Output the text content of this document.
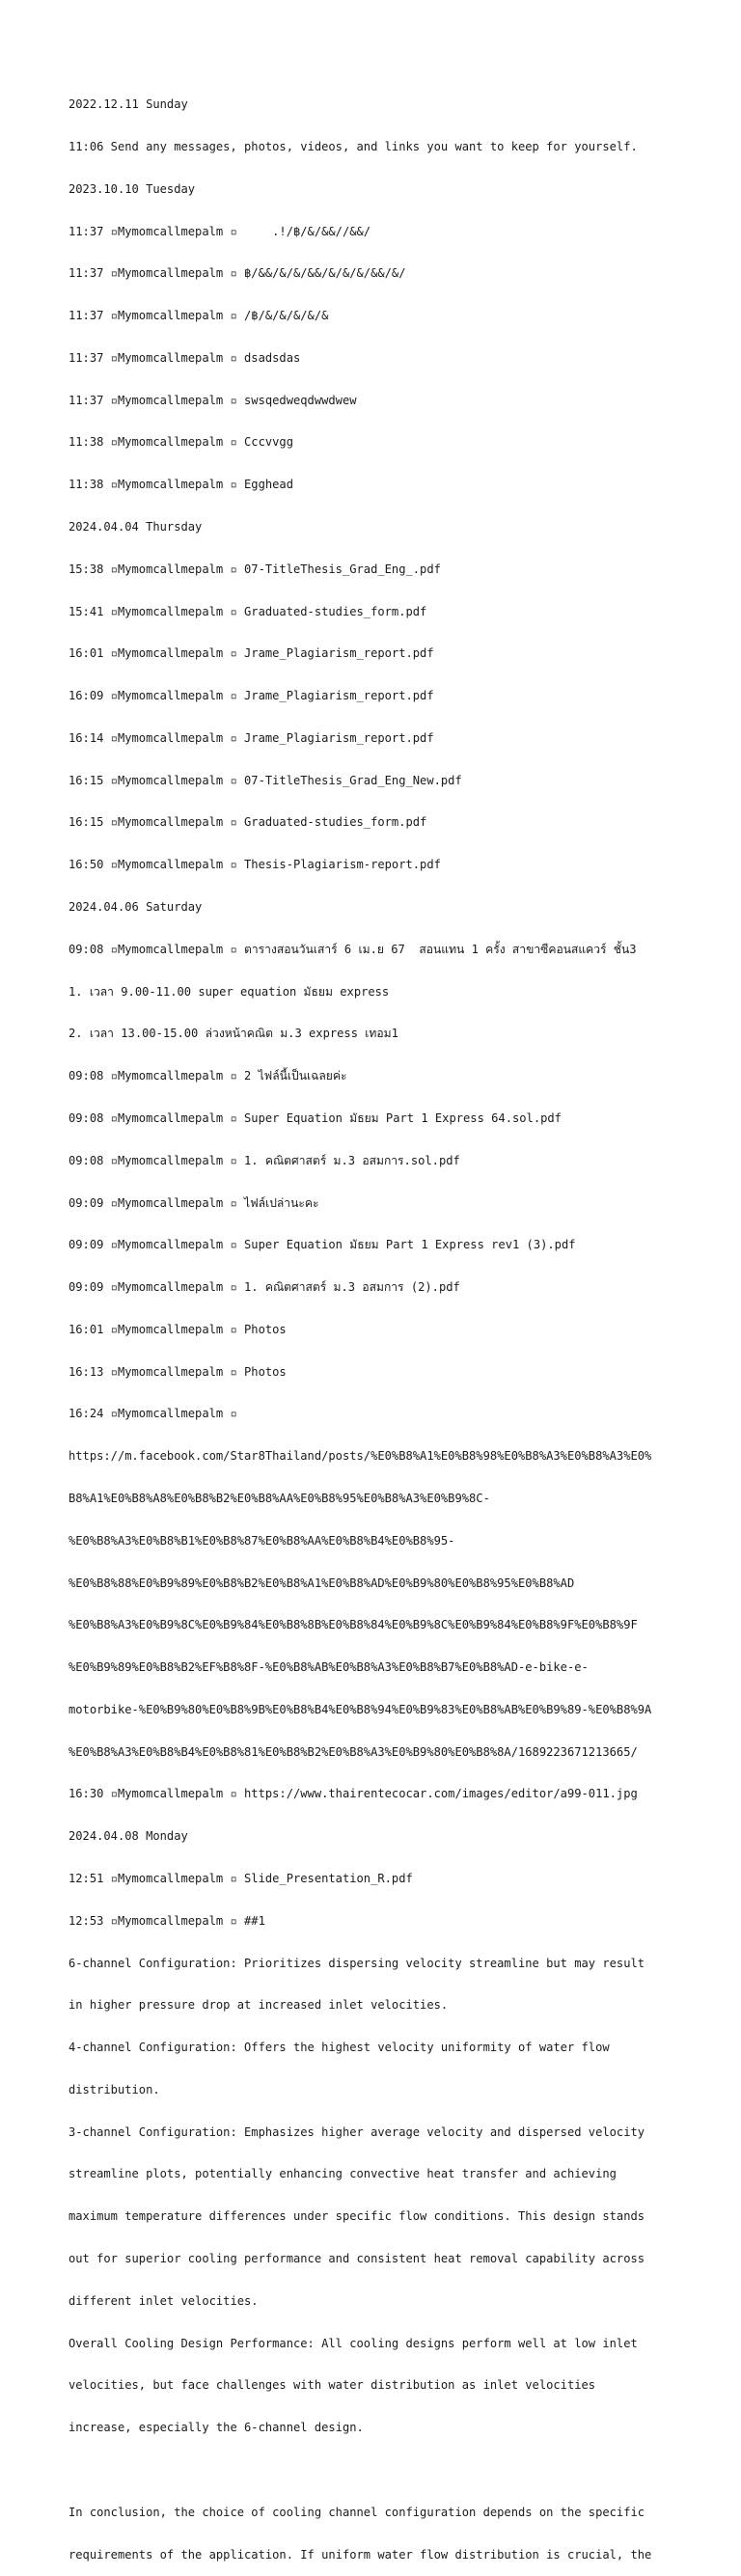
2022.12.11 Sunday

11:06 Send any messages, photos, videos, and links you want to keep for yourself.

2023.10.10 Tuesday

11:37 ▫Mymomcallmepalm ▫     .!/฿/&/&&//&&/

11:37 ▫Mymomcallmepalm ▫ ฿/&&/&/&/&&/&/&/&/&&/&/

11:37 ▫Mymomcallmepalm ▫ /฿/&/&/&/&/&

11:37 ▫Mymomcallmepalm ▫ dsadsdas

11:37 ▫Mymomcallmepalm ▫ swsqedweqdwwdwew

11:38 ▫Mymomcallmepalm ▫ Cccvvgg

11:38 ▫Mymomcallmepalm ▫ Egghead

2024.04.04 Thursday

15:38 ▫Mymomcallmepalm ▫ 07-TitleThesis_Grad_Eng_.pdf

15:41 ▫Mymomcallmepalm ▫ Graduated-studies_form.pdf

16:01 ▫Mymomcallmepalm ▫ Jrame_Plagiarism_report.pdf

16:09 ▫Mymomcallmepalm ▫ Jrame_Plagiarism_report.pdf

16:14 ▫Mymomcallmepalm ▫ Jrame_Plagiarism_report.pdf

16:15 ▫Mymomcallmepalm ▫ 07-TitleThesis_Grad_Eng_New.pdf

16:15 ▫Mymomcallmepalm ▫ Graduated-studies_form.pdf

16:50 ▫Mymomcallmepalm ▫ Thesis-Plagiarism-report.pdf

2024.04.06 Saturday

09:08 ▫Mymomcallmepalm ▫ ตารางสอนวันเสาร์ 6 เม.ย 67  สอนแทน 1 ครั้ง สาขาซีคอนสแควร์ ชั้น3

1. เวลา 9.00-11.00 super equation มัธยม express

2. เวลา 13.00-15.00 ล่วงหน้าคณิต ม.3 express เทอม1

09:08 ▫Mymomcallmepalm ▫ 2 ไฟล์นี้เป็นเฉลยค่ะ

09:08 ▫Mymomcallmepalm ▫ Super Equation มัธยม Part 1 Express 64.sol.pdf

09:08 ▫Mymomcallmepalm ▫ 1. คณิตศาสตร์ ม.3 อสมการ.sol.pdf

09:09 ▫Mymomcallmepalm ▫ ไฟล์เปล่านะคะ

09:09 ▫Mymomcallmepalm ▫ Super Equation มัธยม Part 1 Express rev1 (3).pdf

09:09 ▫Mymomcallmepalm ▫ 1. คณิตศาสตร์ ม.3 อสมการ (2).pdf

16:01 ▫Mymomcallmepalm ▫ Photos

16:13 ▫Mymomcallmepalm ▫ Photos

16:24 ▫Mymomcallmepalm ▫

https://m.facebook.com/Star8Thailand/posts/%E0%B8%A1%E0%B8%98%E0%B8%A3%E0%B8%A3%E0%

B8%A1%E0%B8%A8%E0%B8%B2%E0%B8%AA%E0%B8%95%E0%B8%A3%E0%B9%8C-

%E0%B8%A3%E0%B8%B1%E0%B8%87%E0%B8%AA%E0%B8%B4%E0%B8%95-

%E0%B8%88%E0%B9%89%E0%B8%B2%E0%B8%A1%E0%B8%AD%E0%B9%80%E0%B8%95%E0%B8%AD

%E0%B8%A3%E0%B9%8C%E0%B9%84%E0%B8%8B%E0%B8%84%E0%B9%8C%E0%B9%84%E0%B8%9F%E0%B8%9F

%E0%B9%89%E0%B8%B2%EF%B8%8F-%E0%B8%AB%E0%B8%A3%E0%B8%B7%E0%B8%AD-e-bike-e-

motorbike-%E0%B9%80%E0%B8%9B%E0%B8%B4%E0%B8%94%E0%B9%83%E0%B8%AB%E0%B9%89-%E0%B8%9A

%E0%B8%A3%E0%B8%B4%E0%B8%81%E0%B8%B2%E0%B8%A3%E0%B9%80%E0%B8%8A/1689223671213665/

16:30 ▫Mymomcallmepalm ▫ https://www.thairentecocar.com/images/editor/a99-011.jpg

2024.04.08 Monday

12:51 ▫Mymomcallmepalm ▫ Slide_Presentation_R.pdf

12:53 ▫Mymomcallmepalm ▫ ##1

6-channel Configuration: Prioritizes dispersing velocity streamline but may result

in higher pressure drop at increased inlet velocities.

4-channel Configuration: Offers the highest velocity uniformity of water flow

distribution.

3-channel Configuration: Emphasizes higher average velocity and dispersed velocity

streamline plots, potentially enhancing convective heat transfer and achieving

maximum temperature differences under specific flow conditions. This design stands

out for superior cooling performance and consistent heat removal capability across

different inlet velocities.

Overall Cooling Design Performance: All cooling designs perform well at low inlet

velocities, but face challenges with water distribution as inlet velocities

increase, especially the 6-channel design.

In conclusion, the choice of cooling channel configuration depends on the specific

requirements of the application. If uniform water flow distribution is crucial, the
